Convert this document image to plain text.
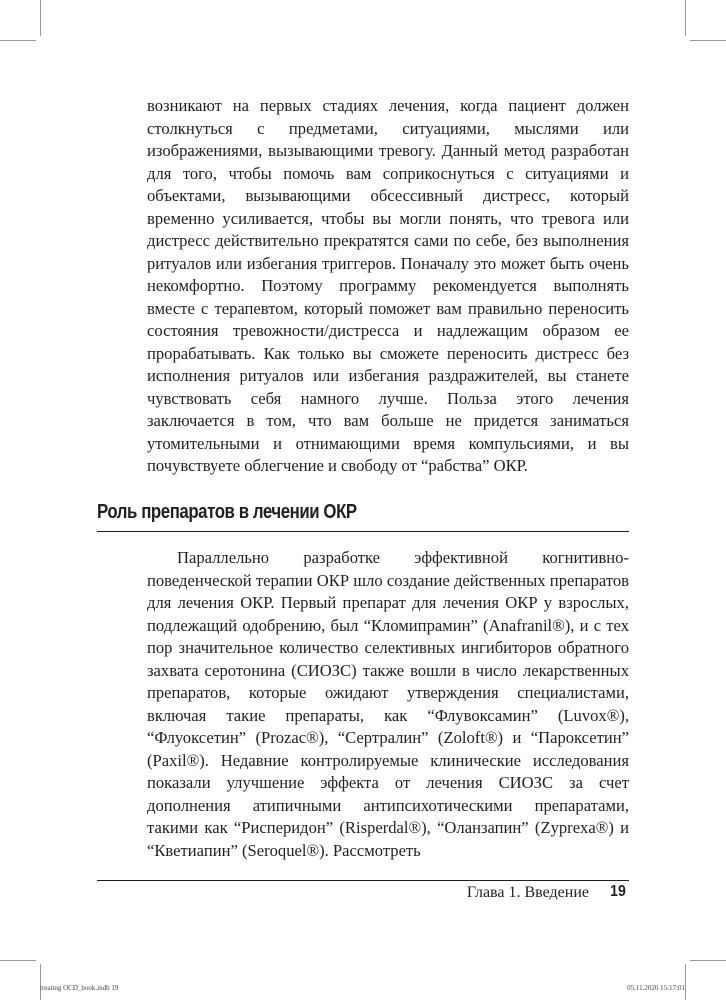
возникают на первых стадиях лечения, когда пациент должен столкнуться с предметами, ситуациями, мыслями или изображениями, вызывающими тревогу. Данный метод разработан для того, чтобы помочь вам соприкоснуться с ситуациями и объектами, вызывающими обсессивный дистресс, который временно усиливается, чтобы вы могли понять, что тревога или дистресс действительно прекратятся сами по себе, без выполнения ритуалов или избегания триггеров. Поначалу это может быть очень некомфортно. Поэтому программу рекомендуется выполнять вместе с терапевтом, который поможет вам правильно переносить состояния тревожности/дистресса и надлежащим образом ее прорабатывать. Как только вы сможете переносить дистресс без исполнения ритуалов или избегания раздражителей, вы станете чувствовать себя намного лучше. Польза этого лечения заключается в том, что вам больше не придется заниматься утомительными и отнимающими время компульсиями, и вы почувствуете облегчение и свободу от “рабства” ОКР.

Роль препаратов в лечении ОКР

Параллельно разработке эффективной когнитивно-поведенческой терапии ОКР шло создание действенных препаратов для лечения ОКР. Первый препарат для лечения ОКР у взрослых, подлежащий одобрению, был “Кломипрамин” (Anafranil®), и с тех пор значительное количество селективных ингибиторов обратного захвата серотонина (СИОЗС) также вошли в число лекарственных препаратов, которые ожидают утверждения специалистами, включая такие препараты, как “Флувоксамин” (Luvox®), “Флуоксетин” (Prozac®), “Сертралин” (Zoloft®) и “Пароксетин” (Paxil®). Недавние контролируемые клинические исследования показали улучшение эффекта от лечения СИОЗС за счет дополнения атипичными антипсихотическими препаратами, такими как “Рисперидон” (Risperdal®), “Оланзапин” (Zyprexa®) и “Кветиапин” (Seroquel®). Рассмотреть

Глава 1. Введение 19
treating OCD_book.indb 19	05.11.2020 15:17:01
